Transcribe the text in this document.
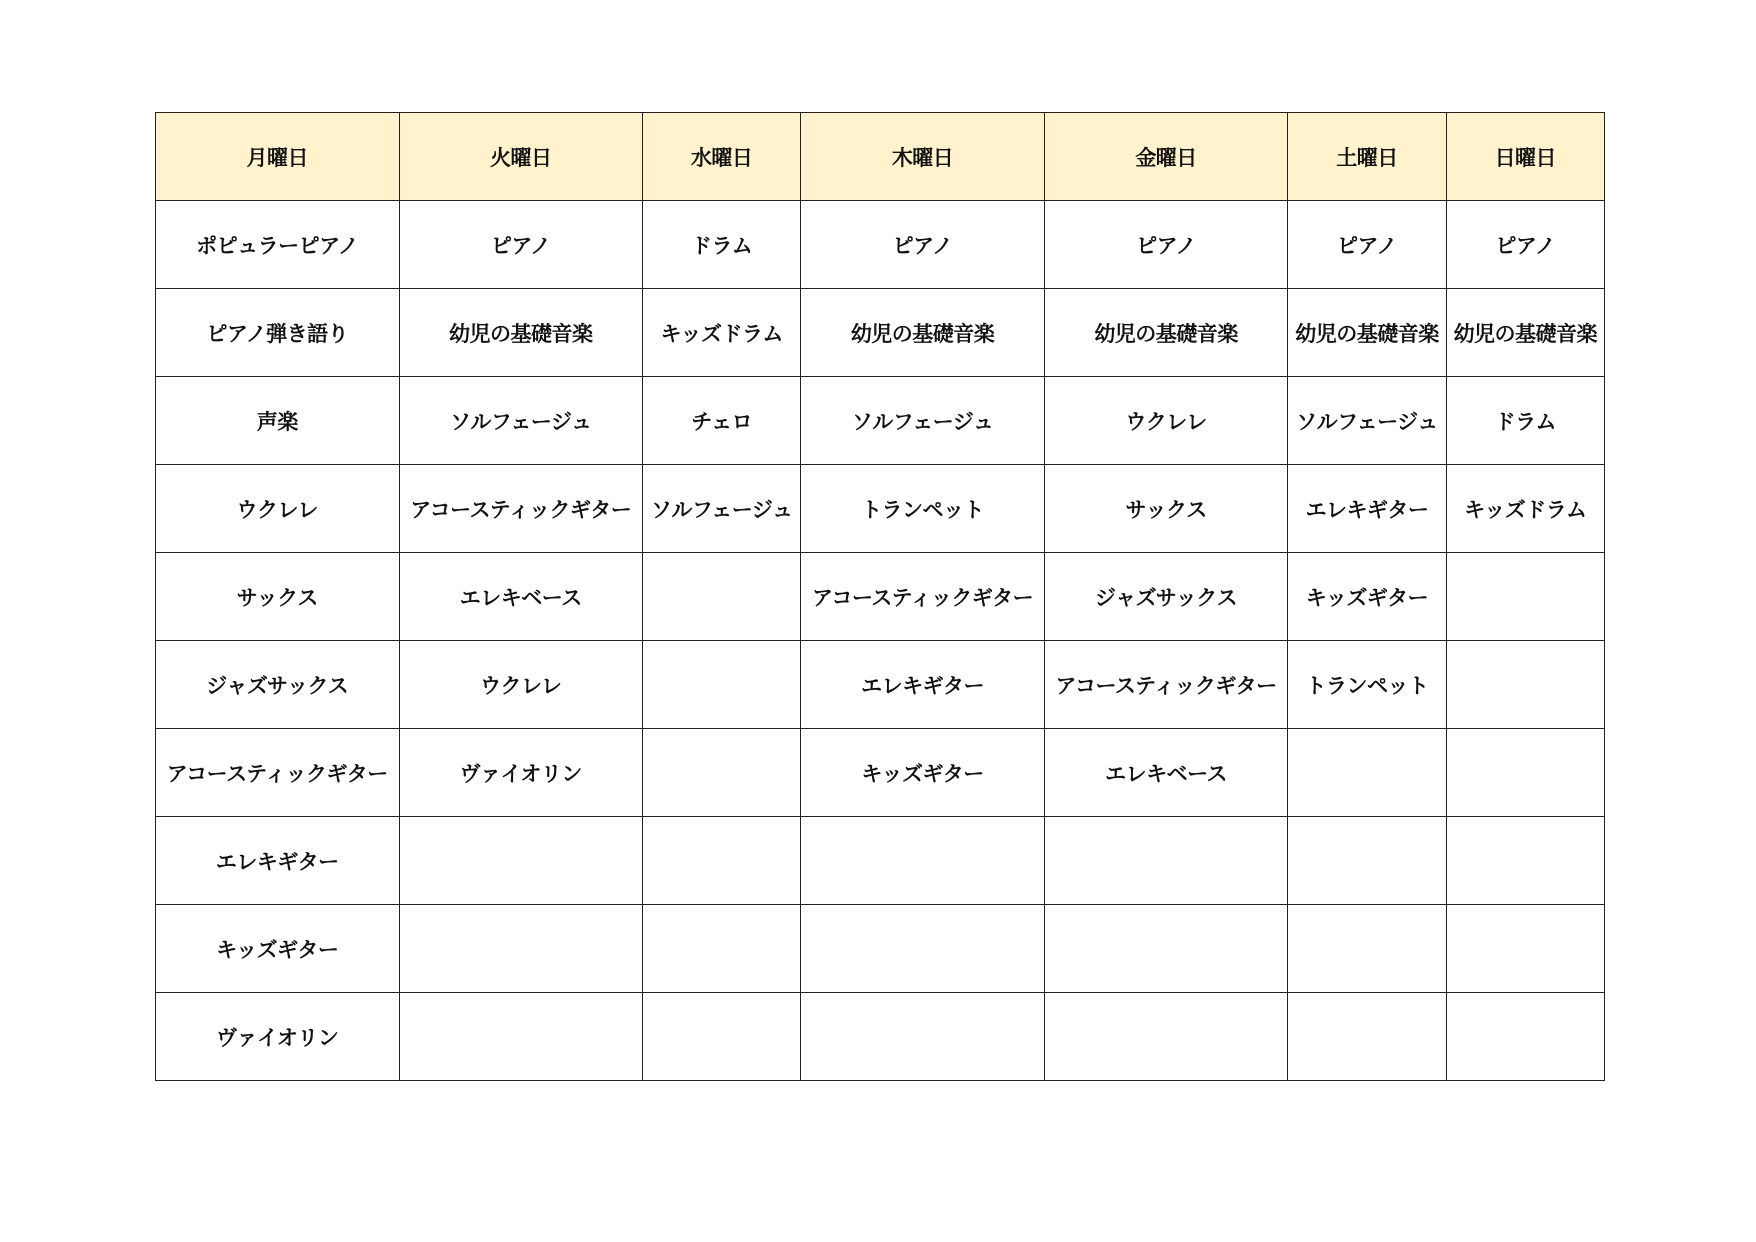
月曜日	火曜日	水曜日	木曜日	金曜日	土曜日	日曜日
ポピュラーピアノ	ピアノ	ドラム	ピアノ	ピアノ	ピアノ	ピアノ
ピアノ弾き語り	幼児の基礎音楽	キッズドラム	幼児の基礎音楽	幼児の基礎音楽	幼児の基礎音楽	幼児の基礎音楽
声楽	ソルフェージュ	チェロ	ソルフェージュ	ウクレレ	ソルフェージュ	ドラム
ウクレレ	アコースティックギター	ソルフェージュ	トランペット	サックス	エレキギター	キッズドラム
サックス	エレキベース		アコースティックギター	ジャズサックス	キッズギター	
ジャズサックス	ウクレレ		エレキギター	アコースティックギター	トランペット	
アコースティックギター	ヴァイオリン		キッズギター	エレキベース		
エレキギター						
キッズギター						
ヴァイオリン						
